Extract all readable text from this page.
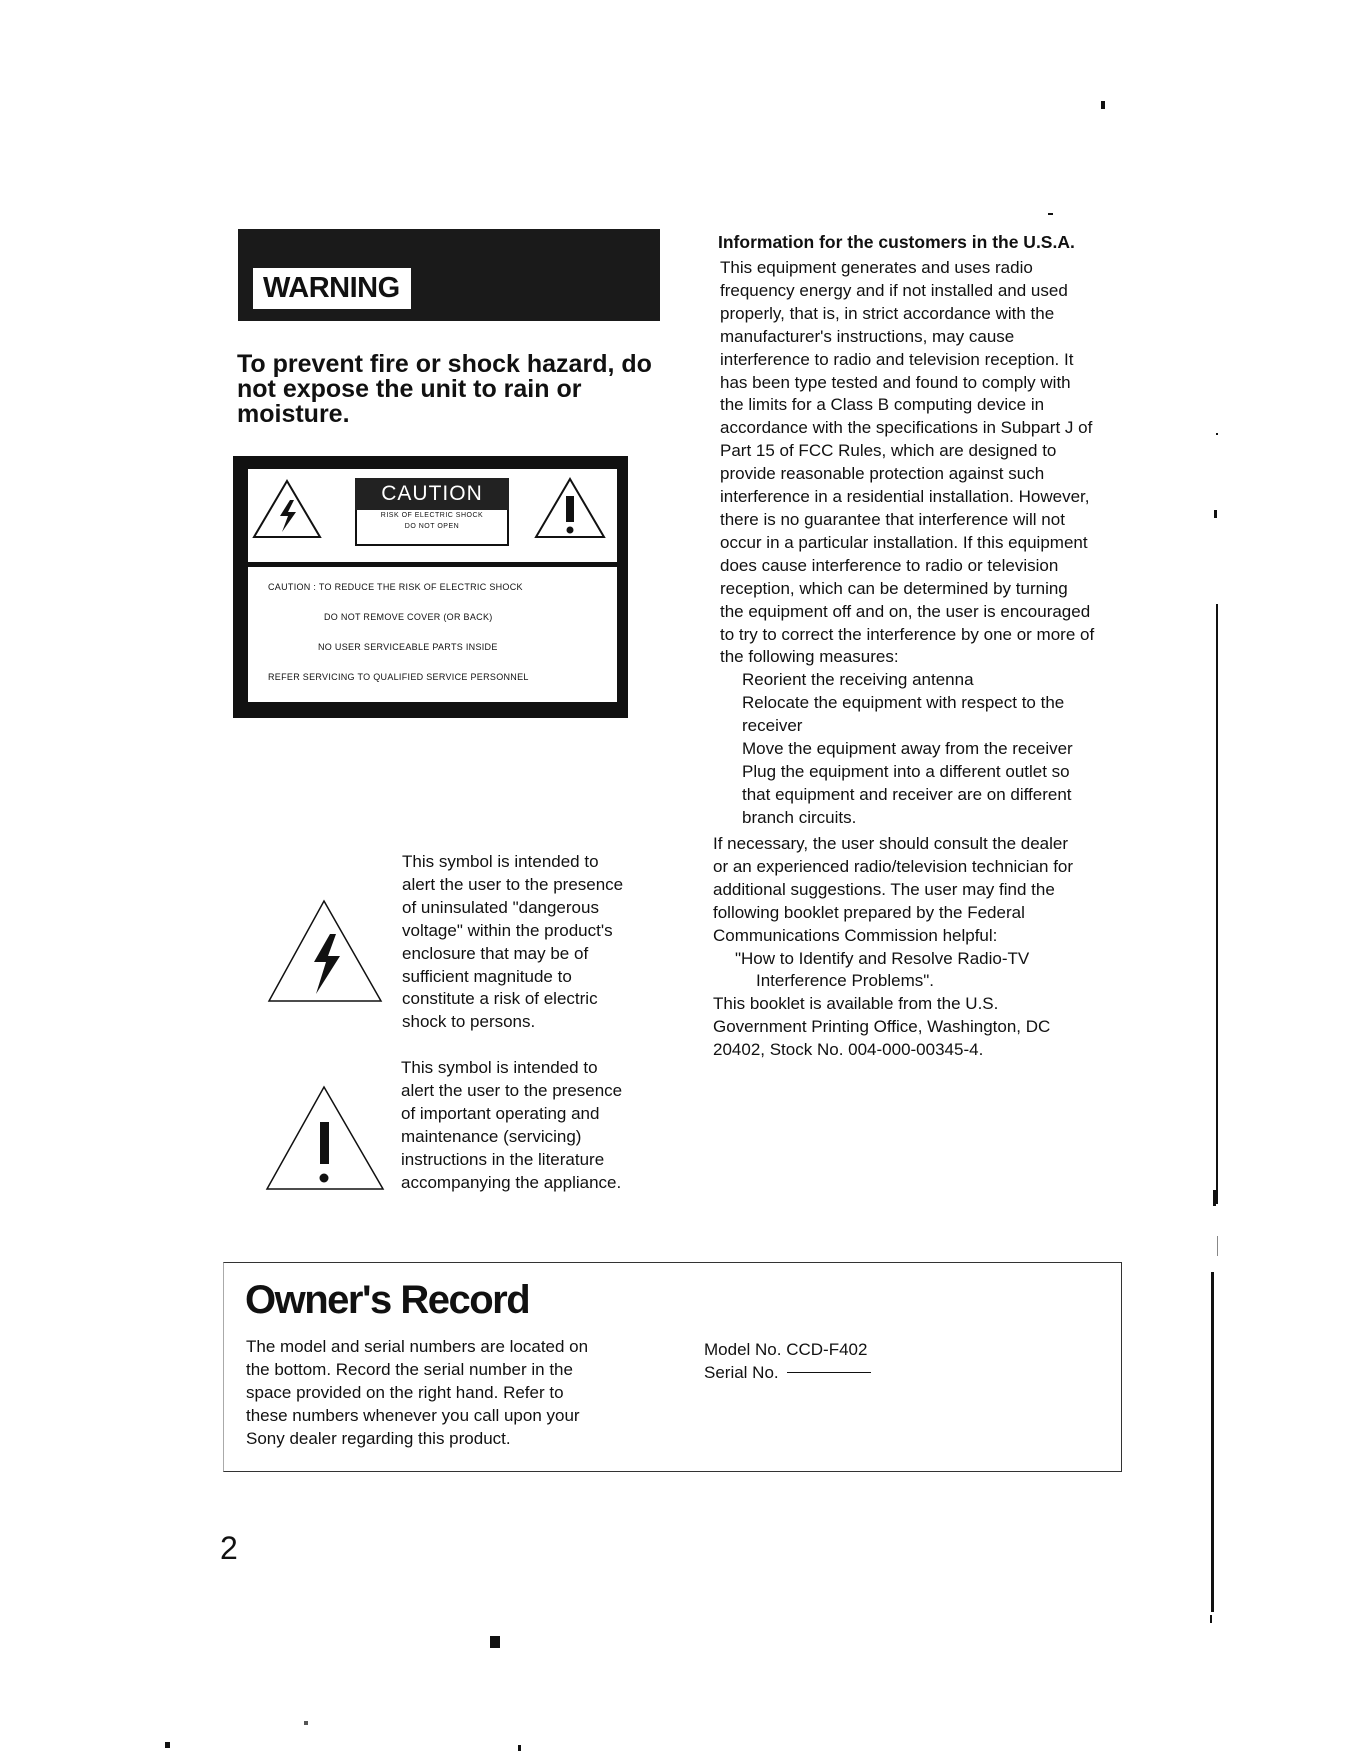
WARNING
To prevent fire or shock hazard, do not expose the unit to rain or moisture.
CAUTION
RISK OF ELECTRIC SHOCK
DO NOT OPEN
CAUTION : TO REDUCE THE RISK OF ELECTRIC SHOCK
DO NOT REMOVE COVER (OR BACK)
NO USER SERVICEABLE PARTS INSIDE
REFER SERVICING TO QUALIFIED SERVICE PERSONNEL
This symbol is intended to
alert the user to the presence
of uninsulated "dangerous
voltage" within the product's
enclosure that may be of
sufficient magnitude to
constitute a risk of electric
shock to persons.
This symbol is intended to
alert the user to the presence
of important operating and
maintenance (servicing)
instructions in the literature
accompanying the appliance.
Information for the customers in the U.S.A.
This equipment generates and uses radio
frequency energy and if not installed and used
properly, that is, in strict accordance with the
manufacturer's instructions, may cause
interference to radio and television reception. It
has been type tested and found to comply with
the limits for a Class B computing device in
accordance with the specifications in Subpart J of
Part 15 of FCC Rules, which are designed to
provide reasonable protection against such
interference in a residential installation. However,
there is no guarantee that interference will not
occur in a particular installation. If this equipment
does cause interference to radio or television
reception, which can be determined by turning
the equipment off and on, the user is encouraged
to try to correct the interference by one or more of
the following measures:
Reorient the receiving antenna
Relocate the equipment with respect to the
receiver
Move the equipment away from the receiver
Plug the equipment into a different outlet so
that equipment and receiver are on different
branch circuits.
If necessary, the user should consult the dealer
or an experienced radio/television technician for
additional suggestions. The user may find the
following booklet prepared by the Federal
Communications Commission helpful:
"How to Identify and Resolve Radio-TV
Interference Problems".
This booklet is available from the U.S.
Government Printing Office, Washington, DC
20402, Stock No. 004-000-00345-4.
Owner's Record
The model and serial numbers are located on
the bottom. Record the serial number in the
space provided on the right hand. Refer to
these numbers whenever you call upon your
Sony dealer regarding this product.
Model No. CCD-F402
Serial No.
2
